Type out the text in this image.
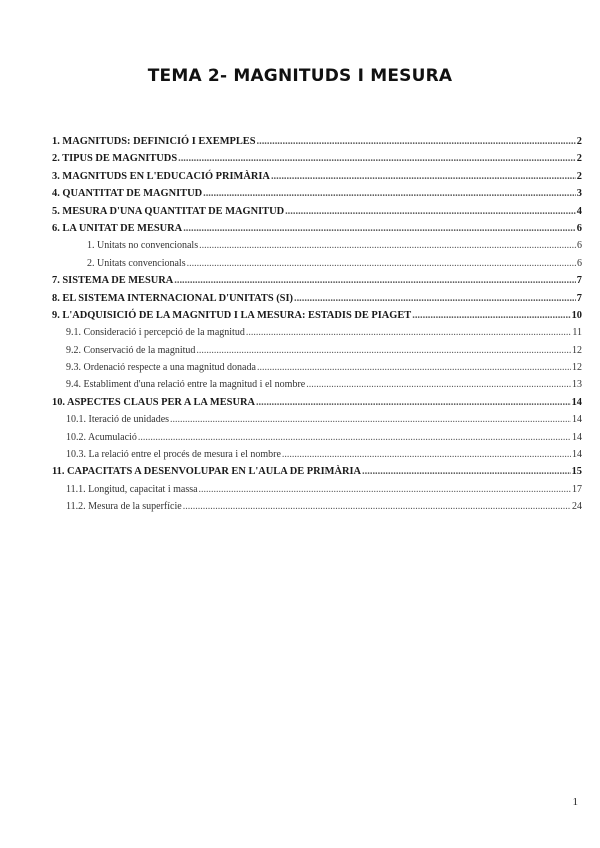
TEMA 2- MAGNITUDS I MESURA
1. MAGNITUDS: DEFINICIÓ I EXEMPLES .....	2
2. TIPUS DE MAGNITUDS .....	2
3. MAGNITUDS EN L'EDUCACIÓ PRIMÀRIA .....	2
4. QUANTITAT DE MAGNITUD .....	3
5. MESURA D'UNA QUANTITAT DE MAGNITUD .....	4
6. LA UNITAT DE MESURA .....	6
1. Unitats no convencionals .....	6
2. Unitats convencionals .....	6
7. SISTEMA DE MESURA .....	7
8. EL SISTEMA INTERNACIONAL D'UNITATS (SI) .....	7
9. L'ADQUISICIÓ DE LA MAGNITUD I LA MESURA: ESTADIS DE PIAGET .....	10
9.1. Consideració i percepció de la magnitud .....	11
9.2. Conservació de la magnitud .....	12
9.3. Ordenació respecte a una magnitud donada .....	12
9.4. Establiment d'una relació entre la magnitud i el nombre .....	13
10. ASPECTES CLAUS PER A LA MESURA .....	14
10.1. Iteració de unidades .....	14
10.2. Acumulació .....	14
10.3. La relació entre el procés de mesura i el nombre .....	14
11. CAPACITATS A DESENVOLUPAR EN L'AULA DE PRIMÀRIA .....	15
11.1. Longitud, capacitat i massa .....	17
11.2. Mesura de la superfície .....	24
1
